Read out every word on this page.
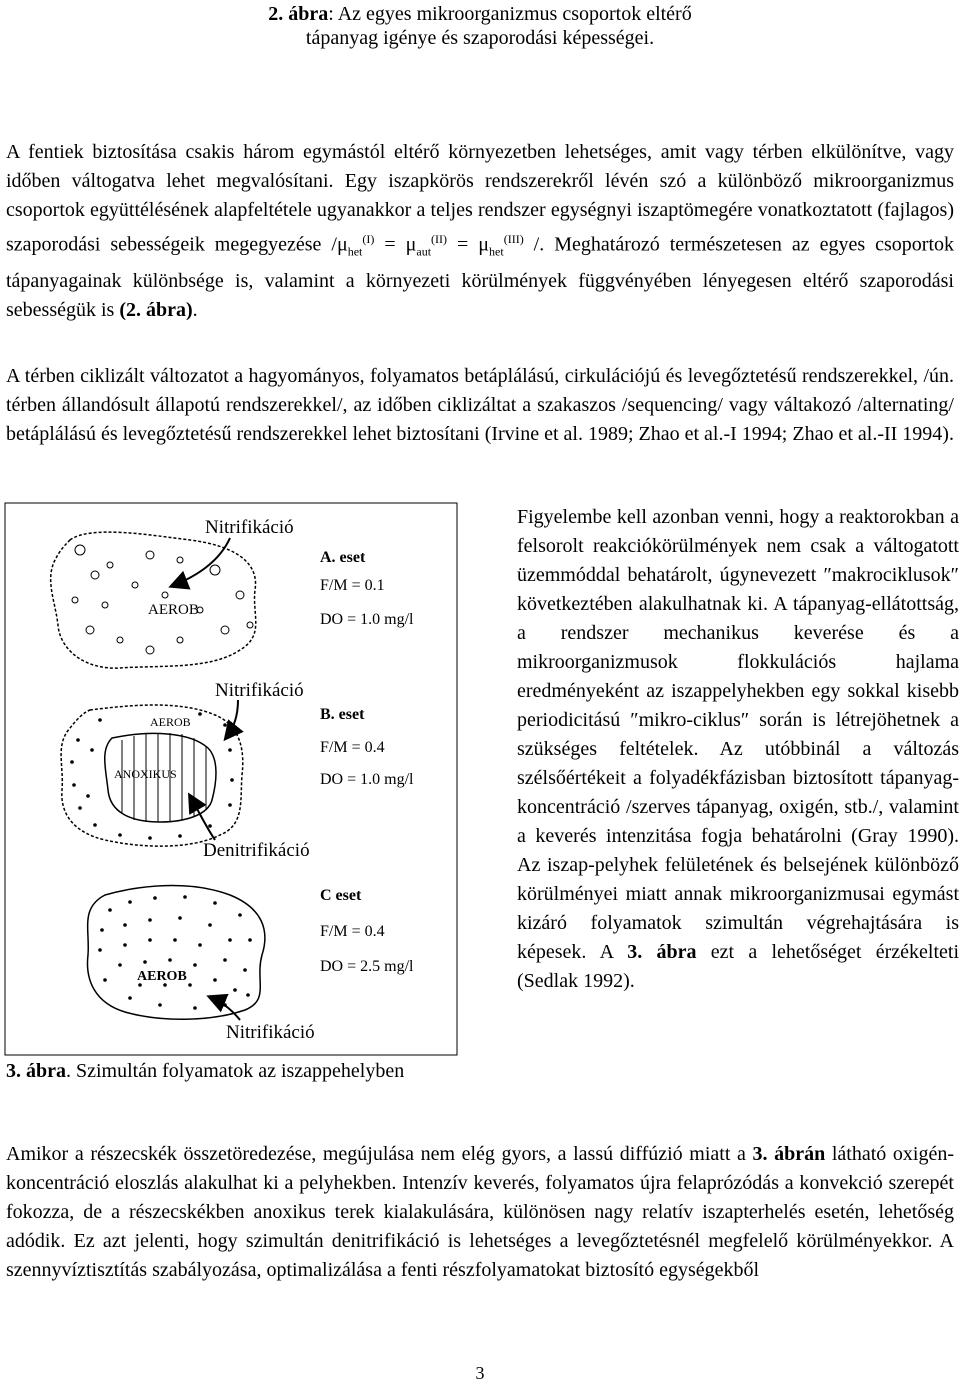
2. ábra: Az egyes mikroorganizmus csoportok eltérő
tápanyag igénye és szaporodási képességei.
A fentiek biztosítása csakis három egymástól eltérő környezetben lehetséges, amit vagy térben elkülönítve, vagy időben váltogatva lehet megvalósítani. Egy iszapkörös rendszerekről lévén szó a különböző mikroorganizmus csoportok együttélésének alapfeltétele ugyanakkor a teljes rendszer egységnyi iszaptömegére vonatkoztatott (fajlagos) szaporodási sebességeik megegyezése $/\mu_{het}^{(I)} = \mu_{aut}^{(II)} = \mu_{het}^{(III)}$ /. Meghatározó természetesen az egyes csoportok tápanyagainak különbsége is, valamint a környezeti körülmények függvényében lényegesen eltérő szaporodási sebességük is (2. ábra).
A térben ciklizált változatot a hagyományos, folyamatos betáplálású, cirkulációjú és levegőztetésű rendszerekkel, /ún. térben állandósult állapotú rendszerekkel/, az időben ciklizáltat a szakaszos /sequencing/ vagy váltakozó /alternating/ betáplálású és levegőztetésű rendszerekkel lehet biztosítani (Irvine et al. 1989; Zhao et al.-I 1994; Zhao et al.-II 1994).
AEROB
Nitrifikáció
A. eset
F/M = 0.1
DO = 1.0 mg/l
AEROB
ANOXIKUS
Nitrifikáció
Denitrifikáció
B. eset
F/M = 0.4
DO = 1.0 mg/l
AEROB
Nitrifikáció
C eset
F/M = 0.4
DO = 2.5 mg/l
3. ábra. Szimultán folyamatok az iszappehelyben
Figyelembe kell azonban venni, hogy a reaktorokban a felsorolt reakciókörülmények nem csak a váltogatott üzemmóddal behatárolt, úgynevezett ″makrociklusok″ következtében alakulhatnak ki. A tápanyag-ellátottság, a rendszer mechanikus keverése és a mikroorganizmusok flokkulációs hajlama eredményeként az iszappelyhekben egy sokkal kisebb periodicitású ″mikro-ciklus″ során is létrejöhetnek a szükséges feltételek. Az utóbbinál a változás szélsőértékeit a folyadékfázisban biztosított tápanyag-koncentráció /szerves tápanyag, oxigén, stb./, valamint a keverés intenzitása fogja behatárolni (Gray 1990). Az iszap-pelyhek felületének és belsejének különböző körülményei miatt annak mikroorganizmusai egymást kizáró folyamatok szimultán végrehajtására is képesek. A 3. ábra ezt a lehetőséget érzékelteti (Sedlak 1992).
Amikor a részecskék összetöredezése, megújulása nem elég gyors, a lassú diffúzió miatt a 3. ábrán látható oxigén-koncentráció eloszlás alakulhat ki a pelyhekben. Intenzív keverés, folyamatos újra felaprózódás a konvekció szerepét fokozza, de a részecskékben anoxikus terek kialakulására, különösen nagy relatív iszapterhelés esetén, lehetőség adódik. Ez azt jelenti, hogy szimultán denitrifikáció is lehetséges a levegőztetésnél megfelelő körülményekkor. A szennyvíztisztítás szabályozása, optimalizálása a fenti részfolyamatokat biztosító egységekből
3
